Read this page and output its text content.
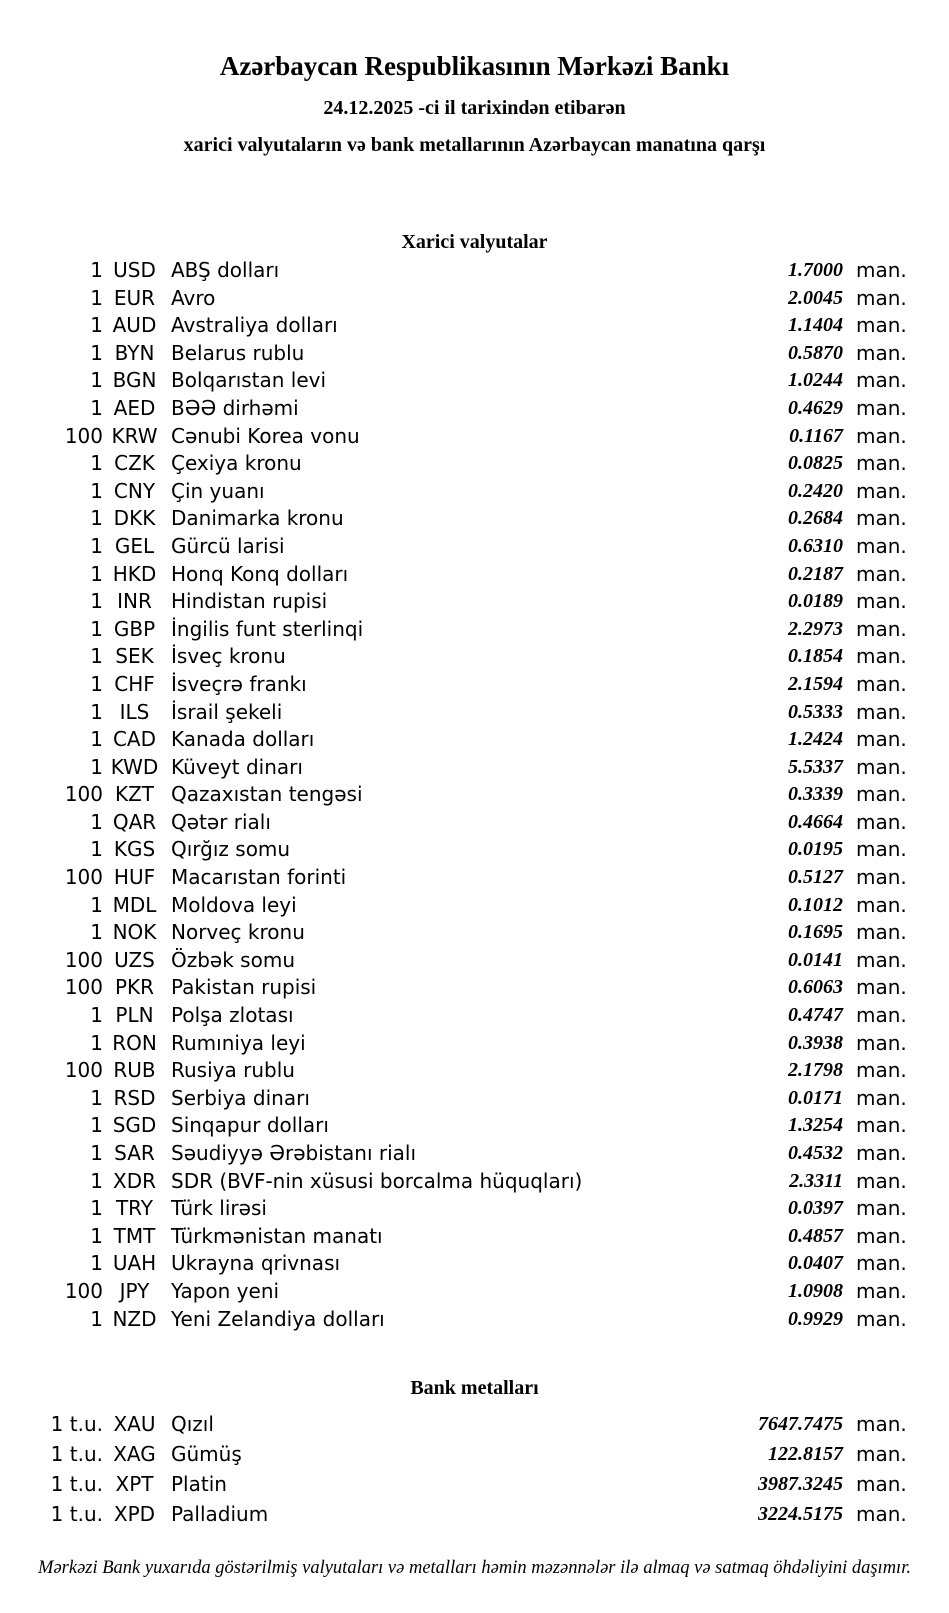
Azərbaycan Respublikasının Mərkəzi Bankı
24.12.2025 -ci il tarixindən etibarən
xarici valyutaların və bank metallarının Azərbaycan manatına qarşı
Xarici valyutalar
1 USD ABŞ dolları	1.7000 man.
1 EUR Avro	2.0045 man.
1 AUD Avstraliya dolları	1.1404 man.
1 BYN Belarus rublu	0.5870 man.
1 BGN Bolqarıstan levi	1.0244 man.
1 AED BƏƏ dirhəmi	0.4629 man.
100 KRW Cənubi Korea vonu	0.1167 man.
1 CZK Çexiya kronu	0.0825 man.
1 CNY Çin yuanı	0.2420 man.
1 DKK Danimarka kronu	0.2684 man.
1 GEL Gürcü larisi	0.6310 man.
1 HKD Honq Konq dolları	0.2187 man.
1 INR Hindistan rupisi	0.0189 man.
1 GBP İngilis funt sterlinqi	2.2973 man.
1 SEK İsveç kronu	0.1854 man.
1 CHF İsveçrə frankı	2.1594 man.
1 ILS	İsrail şekeli	0.5333 man.
1 CAD Kanada dolları	1.2424 man.
1 KWD Küveyt dinarı	5.5337 man.
100 KZT Qazaxıstan tengəsi	0.3339 man.
1 QAR Qətər rialı	0.4664 man.
1 KGS Qırğız somu	0.0195 man.
100 HUF Macarıstan forinti	0.5127 man.
1 MDL Moldova leyi	0.1012 man.
1 NOK Norveç kronu	0.1695 man.
100 UZS Özbək somu	0.0141 man.
100 PKR Pakistan rupisi	0.6063 man.
1 PLN Polşa zlotası	0.4747 man.
1 RON Rumıniya leyi	0.3938 man.
100 RUB Rusiya rublu	2.1798 man.
1 RSD Serbiya dinarı	0.0171 man.
1 SGD Sinqapur dolları	1.3254 man.
1 SAR Səudiyyə Ərəbistanı rialı	0.4532 man.
1 XDR SDR (BVF-nin xüsusi borcalma hüquqları)	2.3311 man.
1 TRY Türk lirəsi	0.0397 man.
1 TMT Türkmənistan manatı	0.4857 man.
1 UAH Ukrayna qrivnası	0.0407 man.
100 JPY	Yapon yeni	1.0908 man.
1 NZD Yeni Zelandiya dolları	0.9929 man.
Bank metalları
1 t.u. XAU Qızıl	7647.7475 man.
1 t.u. XAG Gümüş	122.8157 man.
1 t.u. XPT Platin	3987.3245 man.
1 t.u. XPD Palladium	3224.5175 man.
Mərkəzi Bank yuxarıda göstərilmiş valyutaları və metalları həmin məzənnələr ilə almaq və satmaq öhdəliyini daşımır.
